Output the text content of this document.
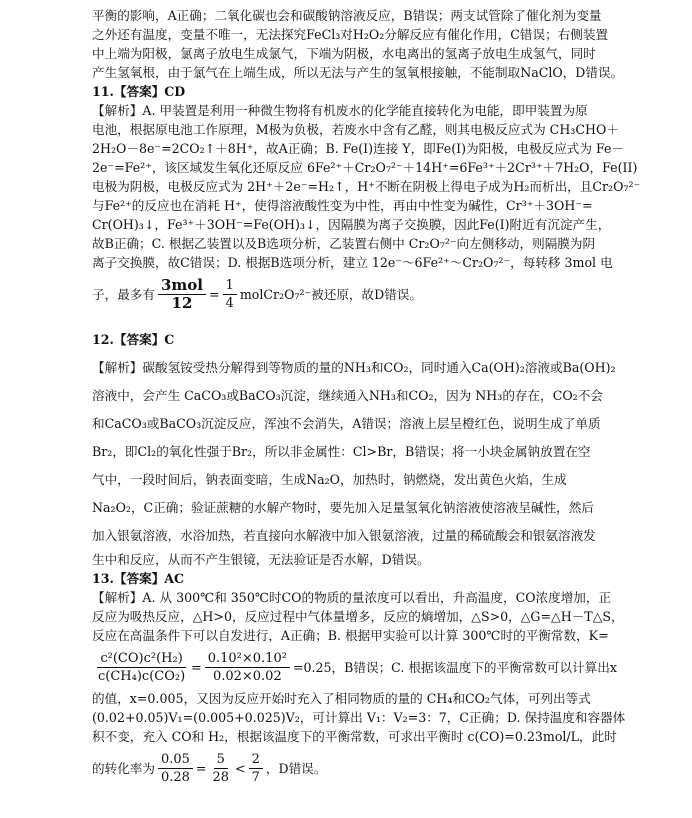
平衡的影响，A正确；二氧化碳也会和碳酸钠溶液反应，B错误；两支试管除了催化剂为变量
之外还有温度，变量不唯一，无法探究FeCl₃对H₂O₂分解反应有催化作用，C错误；右侧装置
中上端为阳极，氯离子放电生成氯气，下端为阴极，水电离出的氢离子放电生成氢气，同时
产生氢氧根，由于氯气在上端生成，所以无法与产生的氢氧根接触，不能制取NaClO，D错误。
11.【答案】CD
【解析】A. 甲装置是利用一种微生物将有机废水的化学能直接转化为电能，即甲装置为原
电池，根据原电池工作原理，M极为负极，若废水中含有乙醛，则其电极反应式为 CH₃CHO＋
2H₂O－8e⁻=2CO₂↑＋8H⁺，故A正确；B. Fe(I)连接 Y，即Fe(I)为阳极，电极反应式为 Fe－
2e⁻=Fe²⁺，该区域发生氧化还原反应 6Fe²⁺＋Cr₂O₇²⁻＋14H⁺=6Fe³⁺＋2Cr³⁺＋7H₂O，Fe(II)
电极为阴极，电极反应式为 2H⁺＋2e⁻=H₂↑，H⁺不断在阴极上得电子成为H₂而析出，且Cr₂O₇²⁻
与Fe²⁺的反应也在消耗 H⁺，使得溶液酸性变为中性，再由中性变为碱性，Cr³⁺＋3OH⁻=
Cr(OH)₃↓，Fe³⁺＋3OH⁻=Fe(OH)₃↓，因隔膜为离子交换膜，因此Fe(I)附近有沉淀产生，
故B正确；C. 根据乙装置以及B选项分析，乙装置右侧中 Cr₂O₇²⁻向左侧移动，则隔膜为阴
离子交换膜，故C错误；D. 根据B选项分析，建立 12e⁻～6Fe²⁺～Cr₂O₇²⁻，每转移 3mol 电
子，最多有 $\frac{\text{3mol}}{12} = \frac{1}{4}$ molCr₂O₇²⁻被还原，故D错误。
12.【答案】C
【解析】碳酸氢铵受热分解得到等物质的量的NH₃和CO₂，同时通入Ca(OH)₂溶液或Ba(OH)₂
溶液中，会产生 CaCO₃或BaCO₃沉淀，继续通入NH₃和CO₂，因为 NH₃的存在，CO₂不会
和CaCO₃或BaCO₃沉淀反应，浑浊不会消失，A错误；溶液上层呈橙红色，说明生成了单质
Br₂，即Cl₂的氧化性强于Br₂，所以非金属性：Cl>Br，B错误；将一小块金属钠放置在空
气中，一段时间后，钠表面变暗，生成Na₂O，加热时，钠燃烧，发出黄色火焰，生成
Na₂O₂，C正确；验证蔗糖的水解产物时，要先加入足量氢氧化钠溶液使溶液呈碱性，然后
加入银氨溶液，水浴加热，若直接向水解液中加入银氨溶液，过量的稀硫酸会和银氨溶液发
生中和反应，从而不产生银镜，无法验证是否水解，D错误。
13.【答案】AC
【解析】A. 从 300℃和 350℃时CO的物质的量浓度可以看出，升高温度，CO浓度增加，正
反应为吸热反应，△H>0，反应过程中气体量增多，反应的熵增加，△S>0，△G=△H－T△S，
反应在高温条件下可以自发进行，A正确；B. 根据甲实验可以计算 300℃时的平衡常数，K=
$\frac{\text{c²(CO)c²(H₂)}}{\text{c(CH₄)c(CO₂)}} = \frac{\text{0.10²×0.10²}}{0.02\times 0.02} =0.25$，B错误；C. 根据该温度下的平衡常数可以计算出x
的值，x=0.005，又因为反应开始时充入了相同物质的量的 CH₄和CO₂气体，可列出等式
(0.02+0.05)V₁=(0.005+0.025)V₂，可计算出 V₁：V₂=3：7，C正确；D. 保持温度和容器体
积不变，充入 CO和 H₂，根据该温度下的平衡常数，可求出平衡时 c(CO)=0.23mol/L，此时
的转化率为 $\frac{0.05}{0.28} = \frac{5}{28} < \frac{2}{7}$ ，D错误。
